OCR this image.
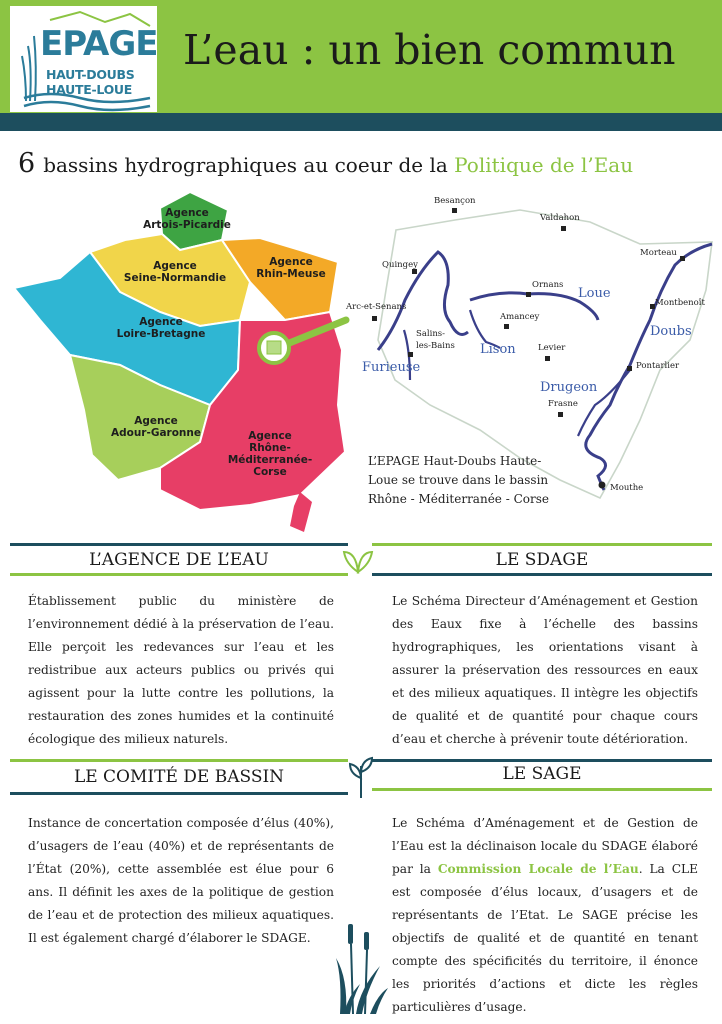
EPAGE
HAUT-DOUBS
HAUTE-LOUE
L’eau : un bien commun
6 bassins hydrographiques au coeur de la Politique de l’Eau
Agence
Artois-Picardie
Agence
Seine-Normandie
Agence
Rhin-Meuse
Agence
Loire-Bretagne
Agence
Adour-Garonne	Agence
Rhône-Méditerranée-
Corse
Besançon
Valdahon
Quingey
Ornans
Morteau
Arc-et-Senans
Amancey
Montbenoît
Salins-
les-Bains	Levier
Pontarlier
Frasne
Mouthe
Loue
Doubs
Lison
Furieuse
Drugeon
L’EPAGE Haut-Doubs Haute-Loue se trouve dans le bassin Rhône - Méditerranée - Corse
L’AGENCE DE L’EAU
Établissement public du ministère de l’environnement dédié à la préservation de l’eau. Elle perçoit les redevances sur l’eau et les redistribue aux acteurs publics ou privés qui agissent pour la lutte contre les pollutions, la restauration des zones humides et la continuité écologique des milieux naturels.
LE SDAGE
Le Schéma Directeur d’Aménagement et Gestion des Eaux fixe à l’échelle des bassins hydrographiques, les orientations visant à assurer la préservation des ressources en eaux et des milieux aquatiques. Il intègre les objectifs de qualité et de quantité pour chaque cours d’eau et cherche à prévenir toute détérioration.
LE COMITÉ DE BASSIN
Instance de concertation composée d’élus (40%), d’usagers de l’eau (40%) et de représentants de l’État (20%), cette assemblée est élue pour 6 ans. Il définit les axes de la politique de gestion de l’eau et de protection des milieux aquatiques. Il est également chargé d’élaborer le SDAGE.
LE SAGE
Le Schéma d’Aménagement et de Gestion de l’Eau est la déclinaison locale du SDAGE élaboré par la Commission Locale de l’Eau. La CLE est composée d’élus locaux, d’usagers et de représentants de l’Etat. Le SAGE précise les objectifs de qualité et de quantité en tenant compte des spécificités du territoire, il énonce les priorités d’actions et dicte les règles particulières d’usage.
